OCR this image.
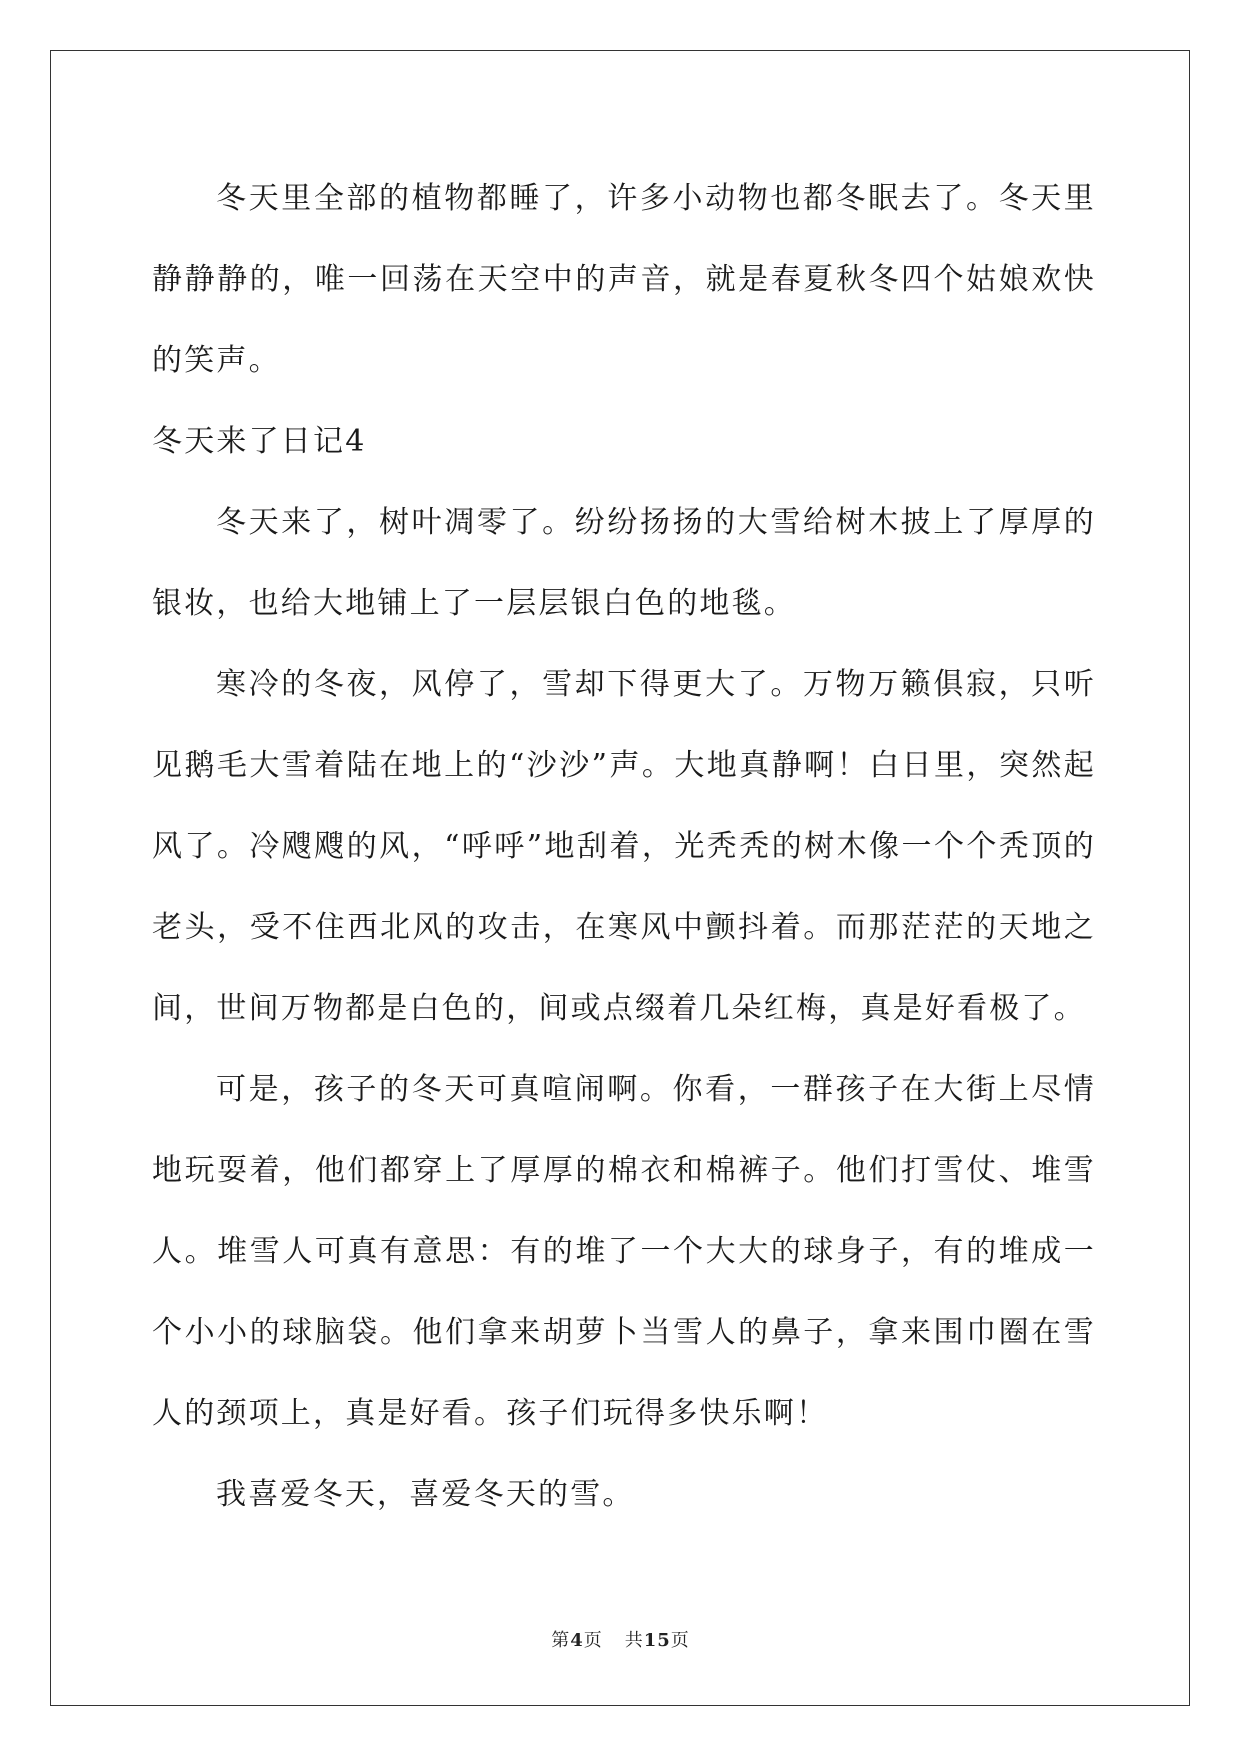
冬天里全部的植物都睡了，许多小动物也都冬眠去了。冬天里静静静的，唯一回荡在天空中的声音，就是春夏秋冬四个姑娘欢快的笑声。

冬天来了日记4

冬天来了，树叶凋零了。纷纷扬扬的大雪给树木披上了厚厚的银妆，也给大地铺上了一层层银白色的地毯。

寒冷的冬夜，风停了，雪却下得更大了。万物万籁俱寂，只听见鹅毛大雪着陆在地上的“沙沙”声。大地真静啊！白日里，突然起风了。冷飕飕的风，“呼呼”地刮着，光秃秃的树木像一个个秃顶的老头，受不住西北风的攻击，在寒风中颤抖着。而那茫茫的天地之间，世间万物都是白色的，间或点缀着几朵红梅，真是好看极了。

可是，孩子的冬天可真喧闹啊。你看，一群孩子在大街上尽情地玩耍着，他们都穿上了厚厚的棉衣和棉裤子。他们打雪仗、堆雪人。堆雪人可真有意思：有的堆了一个大大的球身子，有的堆成一个小小的球脑袋。他们拿来胡萝卜当雪人的鼻子，拿来围巾圈在雪人的颈项上，真是好看。孩子们玩得多快乐啊！

我喜爱冬天，喜爱冬天的雪。

第4页 共15页
